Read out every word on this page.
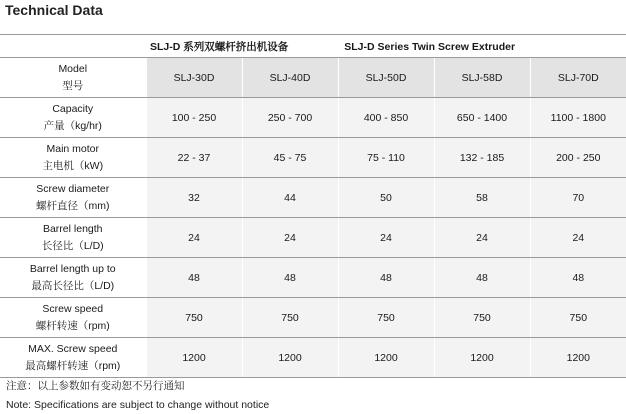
Technical Data
SLJ-D 系列双螺杆挤出机设备 SLJ-D Series Twin Screw Extruder					

Model
型号	SLJ-30D	SLJ-40D	SLJ-50D	SLJ-58D	SLJ-70D

Capacity
产量（kg/hr)	100 - 250	250 - 700	400 - 850	650 - 1400	1100 - 1800

Main motor
主电机（kW)	22 - 37	45 - 75	75 - 110	132 - 185	200 - 250

Screw diameter
螺杆直径（mm)	32	44	50	58	70

Barrel length
长径比（L/D)	24	24	24	24	24

Barrel length up to
最高长径比（L/D)	48	48	48	48	48

Screw speed
螺杆转速（rpm)	750	750	750	750	750

MAX. Screw speed
最高螺杆转速（rpm)	1200	1200	1200	1200	1200
注意：以上参数如有变动恕不另行通知
Note: Specifications are subject to change without notice
